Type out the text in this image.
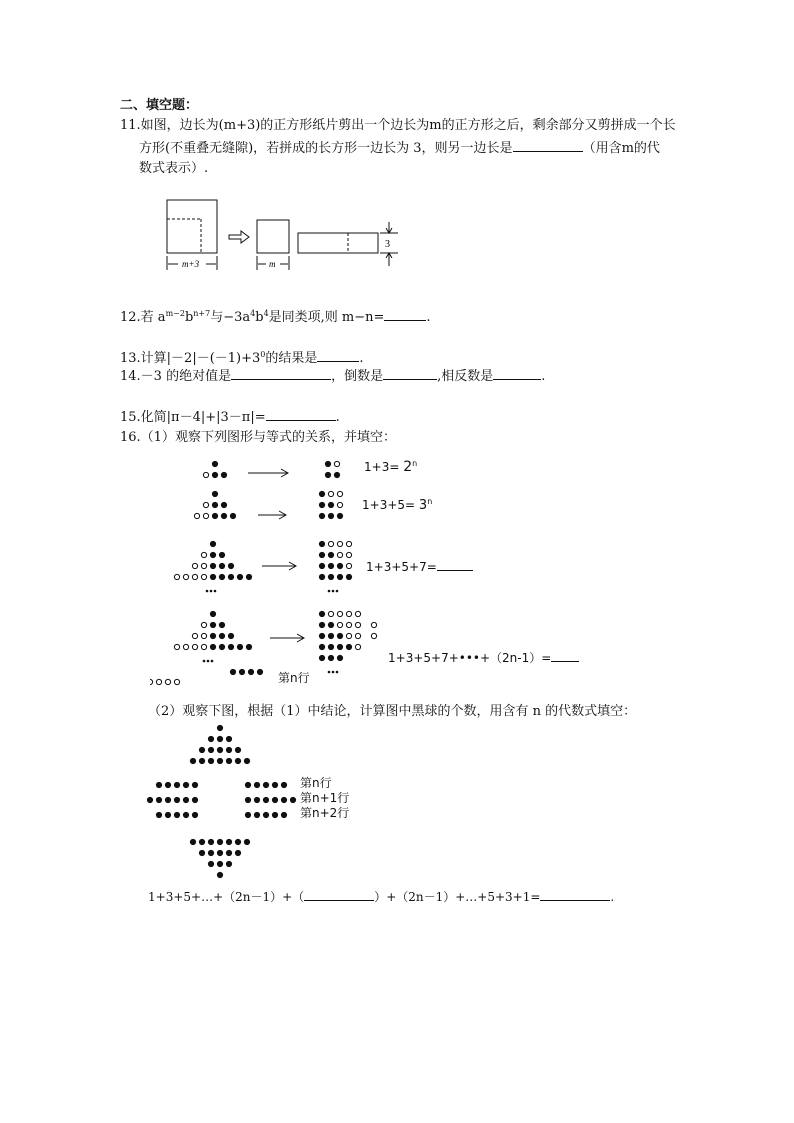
二、填空题：
11.如图，边长为(m+3)的正方形纸片剪出一个边长为m的正方形之后，剩余部分又剪拼成一个长
方形(不重叠无缝隙)，若拼成的长方形一边长为 3，则另一边长是	（用含m的代
数式表示）.
m+3	m
3
12.若 $a^{m-2}b^{n+7}$与$-3a^4b^4$是同类项,则 m−n=	.
13.计算$|-2|-(-1)+3^0$的结果是	.
14.－3 的绝对值是	，倒数是	,相反数是	.
15.化简|π－4|+|3－π|=	.
16.（1）观察下列图形与等式的关系，并填空：
$1+3= 2^n$
$1+3+5= 3^n$
1+3+5+7=
1+3+5+7+•••+（2n-1）=
第n行
（2）观察下图，根据（1）中结论，计算图中黑球的个数，用含有 n 的代数式填空：
第n行
第n+1行
第n+2行
1+3+5+…+（2n－1）+（	）+（2n－1）+…+5+3+1=	.
